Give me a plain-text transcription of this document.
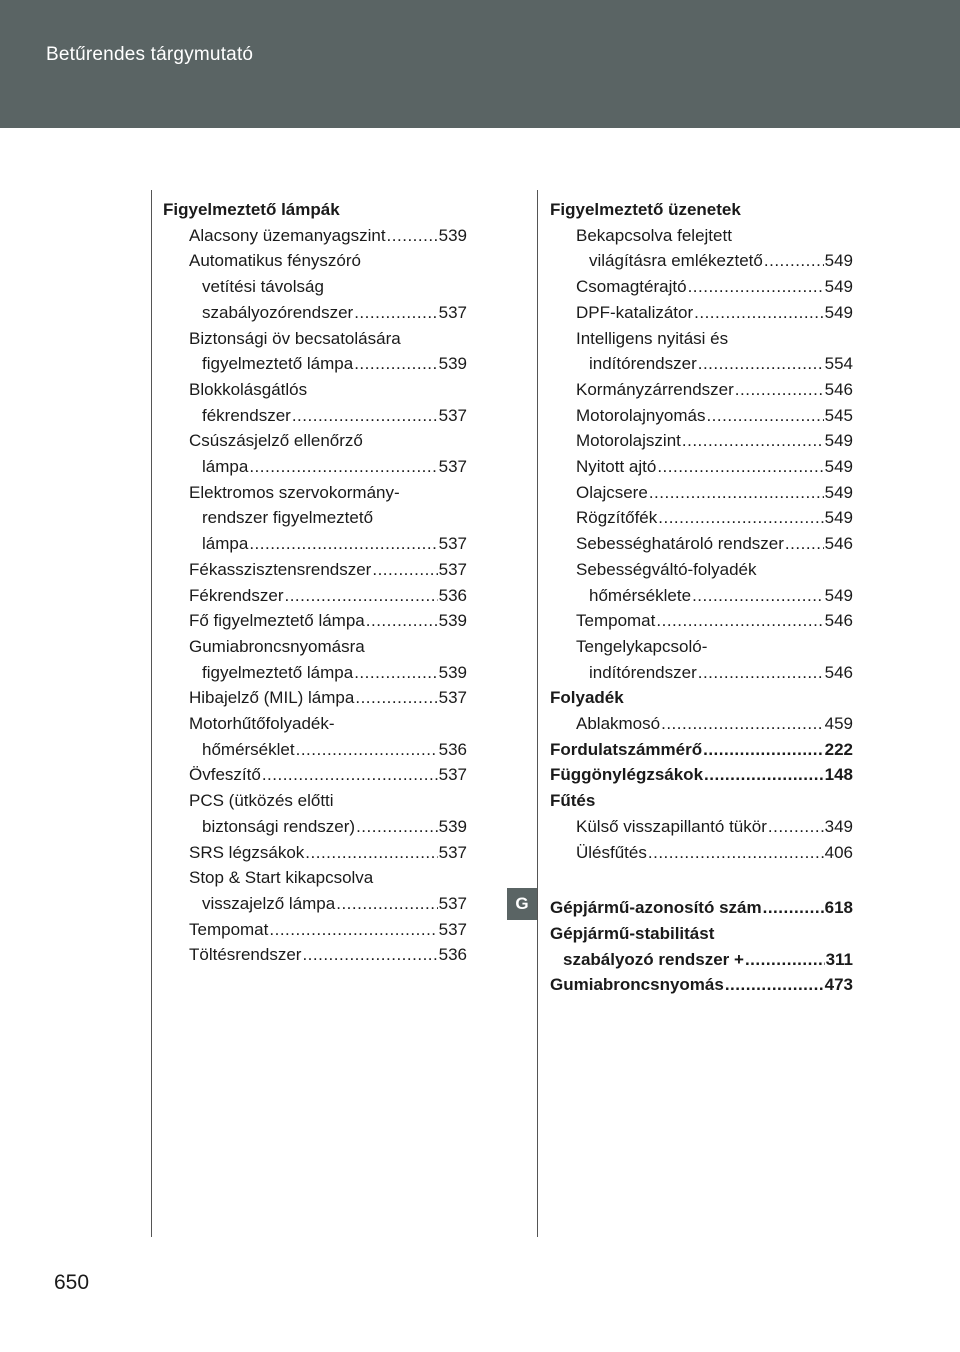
Betűrendes tárgymutató
G
Figyelmeztető lámpák
Alacsony üzemanyagszint .....	539
Automatikus fényszóró
vetítési távolság
szabályozórendszer .....	537
Biztonsági öv becsatolására
figyelmeztető lámpa .....	539
Blokkolásgátlós
fékrendszer .....	537
Csúszásjelző ellenőrző
lámpa .....	537
Elektromos szervokormány-
rendszer figyelmeztető
lámpa .....	537
Fékasszisztensrendszer .....	537
Fékrendszer .....	536
Fő figyelmeztető lámpa .....	539
Gumiabroncsnyomásra
figyelmeztető lámpa .....	539
Hibajelző (MIL) lámpa .....	537
Motorhűtőfolyadék-
hőmérséklet .....	536
Övfeszítő .....	537
PCS (ütközés előtti
biztonsági rendszer) .....	539
SRS légzsákok .....	537
Stop & Start kikapcsolva
visszajelző lámpa .....	537
Tempomat .....	537
Töltésrendszer .....	536
Figyelmeztető üzenetek
Bekapcsolva felejtett
világításra emlékeztető .....	549
Csomagtérajtó .....	549
DPF-katalizátor .....	549
Intelligens nyitási és
indítórendszer .....	554
Kormányzárrendszer .....	546
Motorolajnyomás .....	545
Motorolajszint .....	549
Nyitott ajtó .....	549
Olajcsere .....	549
Rögzítőfék .....	549
Sebességhatároló rendszer ..... 546
Sebességváltó-folyadék
hőmérséklete .....	549
Tempomat .....	546
Tengelykapcsoló-
indítórendszer .....	546
Folyadék
Ablakmosó .....	459
Fordulatszámmérő .....	222
Függönylégzsákok .....	148
Fűtés
Külső visszapillantó tükör .....	349
Ülésfűtés .....	406
Gépjármű-azonosító szám .....	618
Gépjármű-stabilitást
szabályozó rendszer + .....	311
Gumiabroncsnyomás .....	473
650
